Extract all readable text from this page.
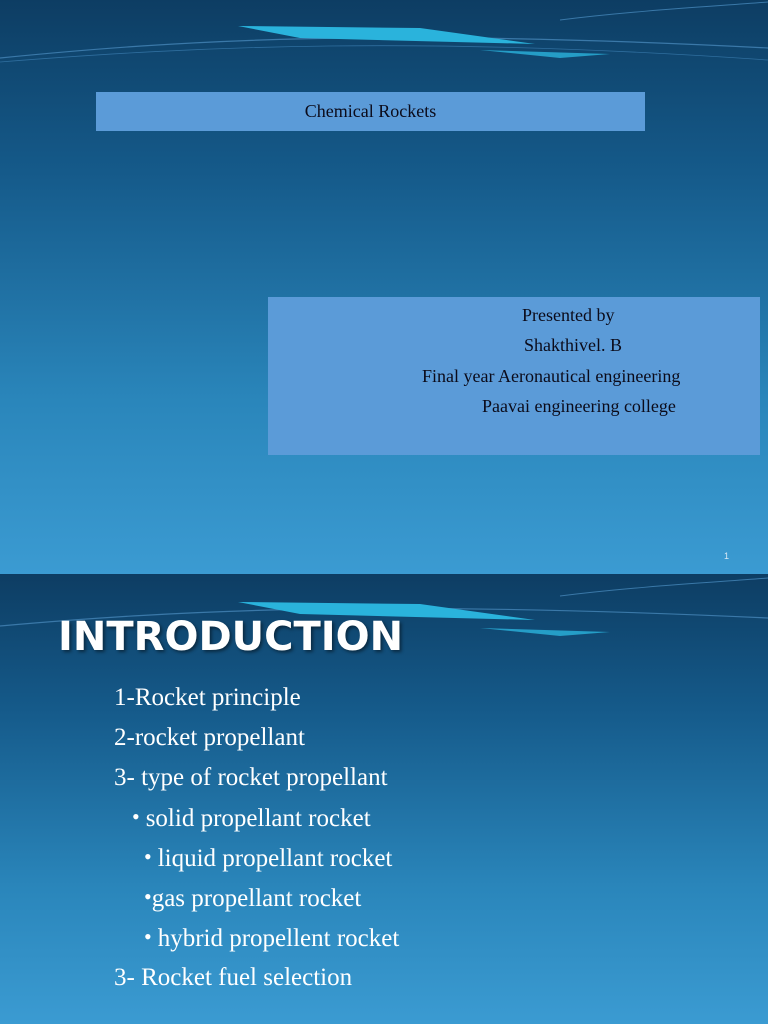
Chemical Rockets
Presented by
Shakthivel. B
Final year Aeronautical engineering
Paavai engineering college
1
INTRODUCTION
1-Rocket principle
2-rocket propellant
3- type of rocket propellant
• solid propellant rocket
• liquid propellant rocket
•gas propellant rocket
• hybrid propellent rocket
3- Rocket fuel selection
